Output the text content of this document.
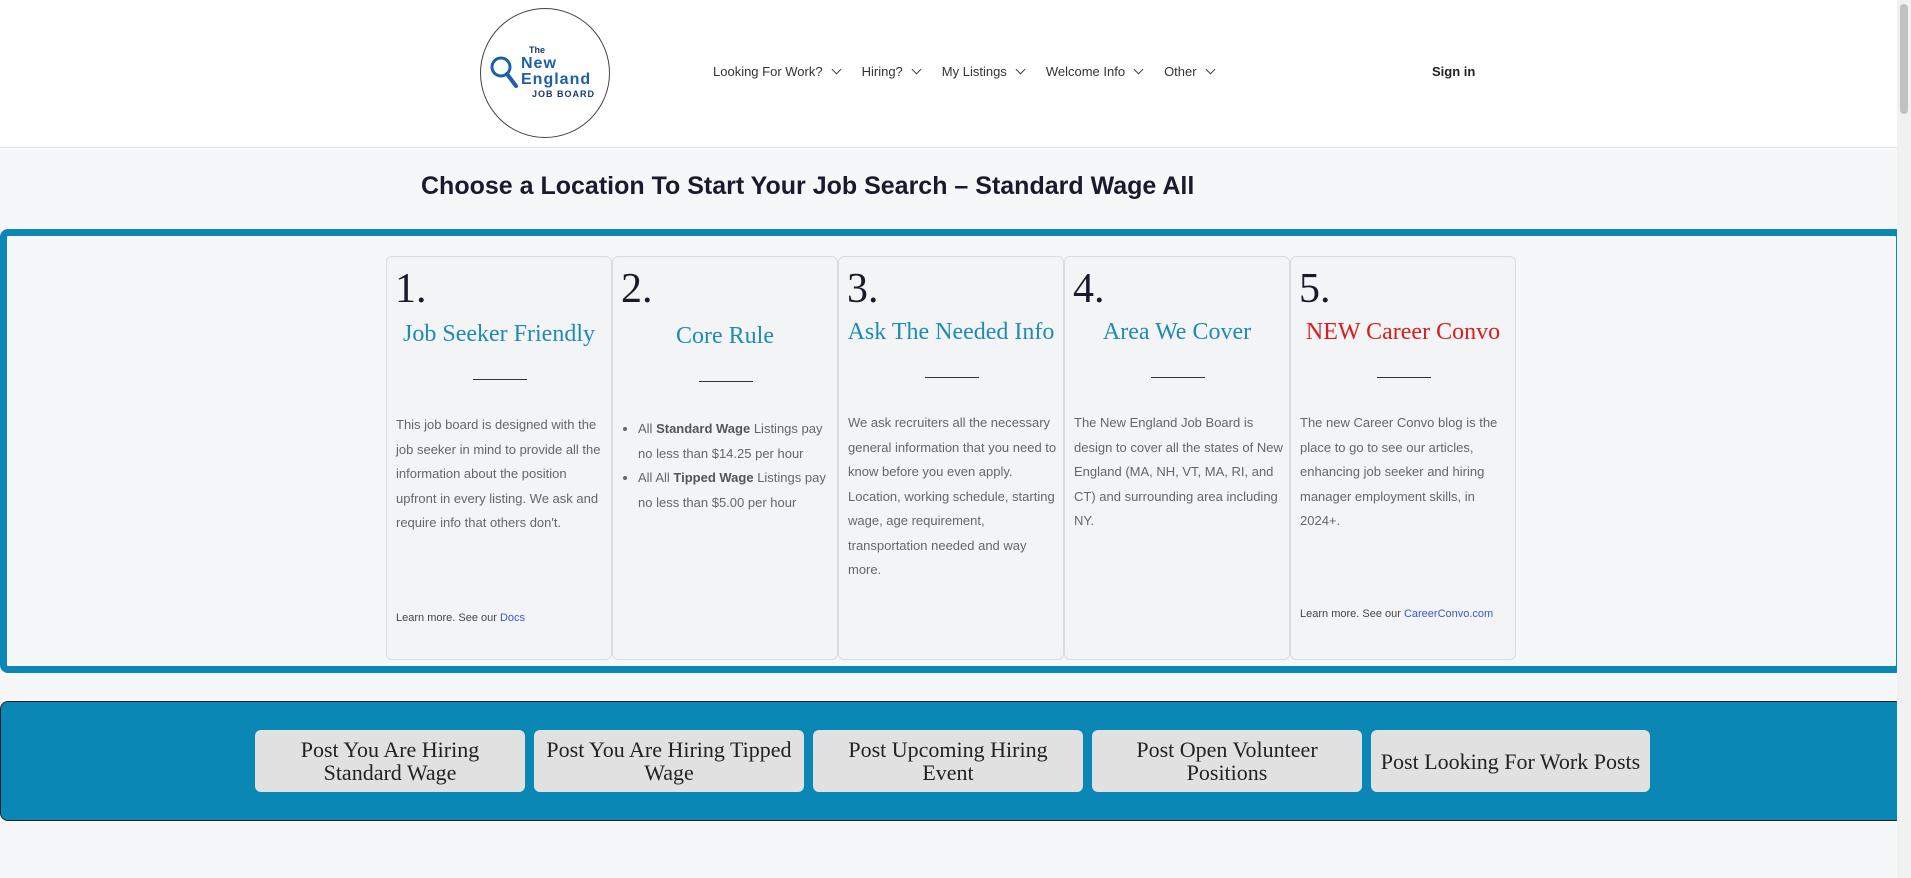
The
New
England
JOB BOARD
Looking For Work?	Hiring?	My Listings	Welcome Info	Other	Sign in
Choose a Location To Start Your Job Search – Standard Wage All
1.
Job Seeker Friendly
This job board is designed with the job seeker in mind to provide all the information about the position upfront in every listing. We ask and require info that others don't.
Learn more. See our Docs
2.
Core Rule
• All Standard Wage Listings pay no less than $14.25 per hour
• All All Tipped Wage Listings pay no less than $5.00 per hour
3.
Ask The Needed Info
We ask recruiters all the necessary general information that you need to know before you even apply. Location, working schedule, starting wage, age requirement, transportation needed and way more.
4.
Area We Cover
The New England Job Board is design to cover all the states of New England (MA, NH, VT, MA, RI, and CT) and surrounding area including NY.
5.
NEW Career Convo
The new Career Convo blog is the place to go to see our articles, enhancing job seeker and hiring manager employment skills, in 2024+.
Learn more. See our CareerConvo.com
Post You Are Hiring Standard Wage
Post You Are Hiring Tipped Wage
Post Upcoming Hiring Event
Post Open Volunteer Positions	Post Looking For Work Posts
